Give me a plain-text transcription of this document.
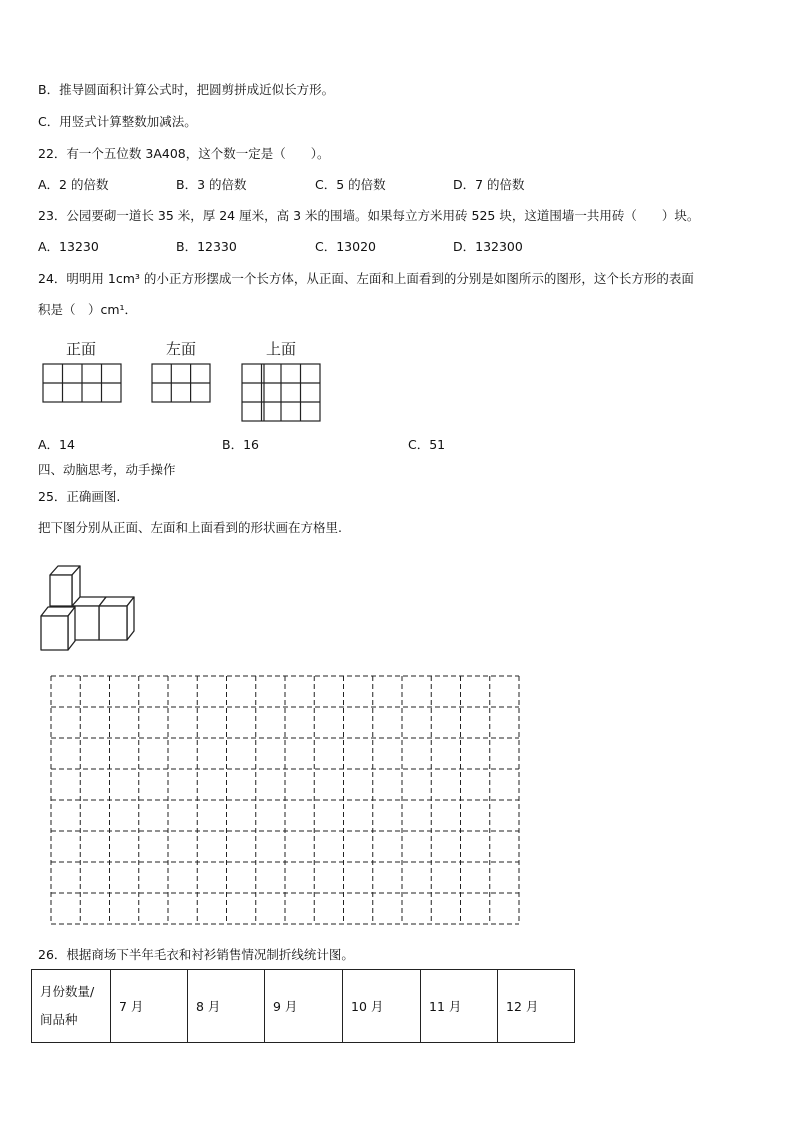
B．推导圆面积计算公式时，把圆剪拼成近似长方形。
C．用竖式计算整数加减法。
22．有一个五位数 3A408，这个数一定是（　　）。
A．2 的倍数	B．3 的倍数	C．5 的倍数	D．7 的倍数
23．公园要砌一道长 35 米，厚 24 厘米，高 3 米的围墙。如果每立方米用砖 525 块，这道围墙一共用砖（　　）块。
A．13230	B．12330	C．13020	D．132300
24．明明用 1cm³ 的小正方形摆成一个长方体，从正面、左面和上面看到的分别是如图所示的图形，这个长方形的表面
积是（　）cm¹．
正面	左面	上面
A．14	B．16	C．51
四、动脑思考，动手操作
25．正确画图.
把下图分别从正面、左面和上面看到的形状画在方格里.
26．根据商场下半年毛衣和衬衫销售情况制折线统计图。
月份数量/
间品种
	7 月	8 月	9 月	10 月	11 月	12 月
